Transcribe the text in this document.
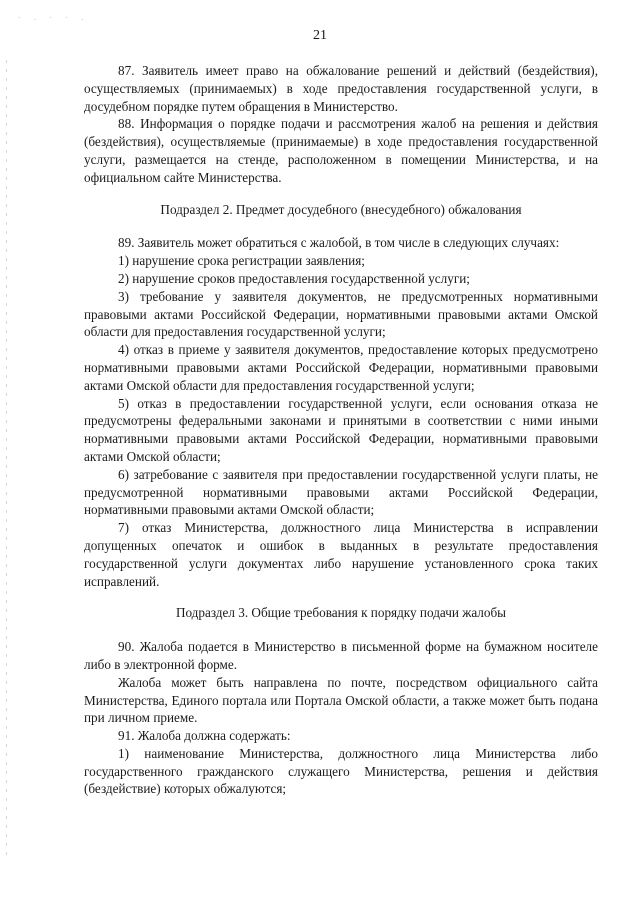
· . · · .
21

87. Заявитель имеет право на обжалование решений и действий (бездействия), осуществляемых (принимаемых) в ходе предоставления государственной услуги, в досудебном порядке путем обращения в Министерство.

88. Информация о порядке подачи и рассмотрения жалоб на решения и действия (бездействия), осуществляемые (принимаемые) в ходе предоставления государственной услуги, размещается на стенде, расположенном в помещении Министерства, и на официальном сайте Министерства.

Подраздел 2. Предмет досудебного (внесудебного) обжалования

89. Заявитель может обратиться с жалобой, в том числе в следующих случаях:

1) нарушение срока регистрации заявления;

2) нарушение сроков предоставления государственной услуги;

3) требование у заявителя документов, не предусмотренных нормативными правовыми актами Российской Федерации, нормативными правовыми актами Омской области для предоставления государственной услуги;

4) отказ в приеме у заявителя документов, предоставление которых предусмотрено нормативными правовыми актами Российской Федерации, нормативными правовыми актами Омской области для предоставления государственной услуги;

5) отказ в предоставлении государственной услуги, если основания отказа не предусмотрены федеральными законами и принятыми в соответствии с ними иными нормативными правовыми актами Российской Федерации, нормативными правовыми актами Омской области;

6) затребование с заявителя при предоставлении государственной услуги платы, не предусмотренной нормативными правовыми актами Российской Федерации, нормативными правовыми актами Омской области;

7) отказ Министерства, должностного лица Министерства в исправлении допущенных опечаток и ошибок в выданных в результате предоставления государственной услуги документах либо нарушение установленного срока таких исправлений.

Подраздел 3. Общие требования к порядку подачи жалобы

90. Жалоба подается в Министерство в письменной форме на бумажном носителе либо в электронной форме.

Жалоба может быть направлена по почте, посредством официального сайта Министерства, Единого портала или Портала Омской области, а также может быть подана при личном приеме.

91. Жалоба должна содержать:

1) наименование Министерства, должностного лица Министерства либо государственного гражданского служащего Министерства, решения и действия (бездействие) которых обжалуются;
